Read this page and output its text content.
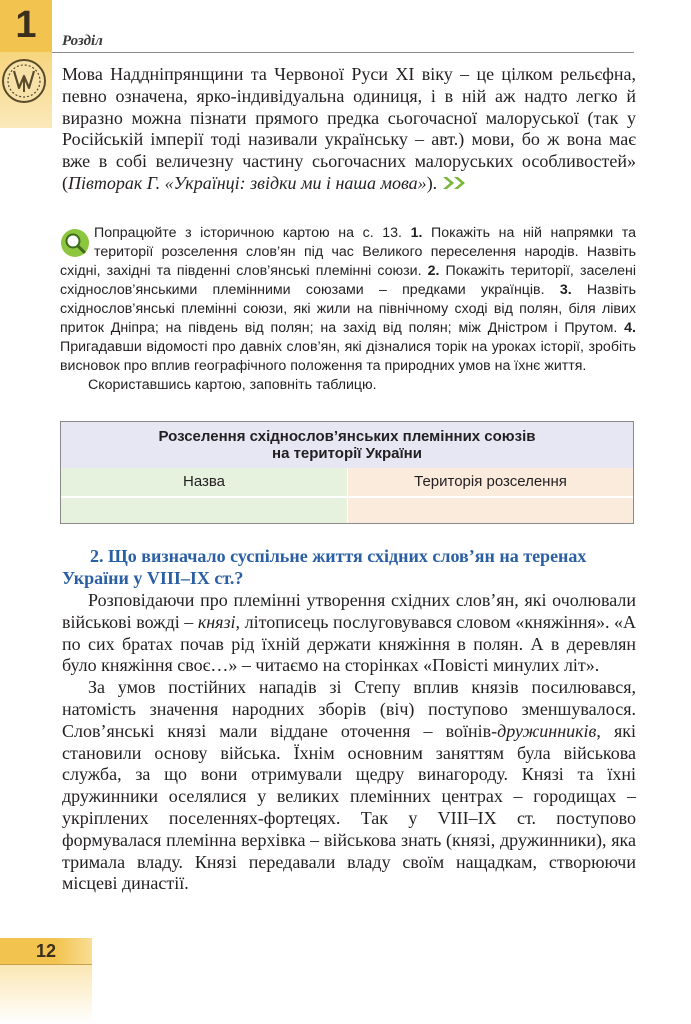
1	Розділ
Мова Наддніпрянщини та Червоної Руси XI віку – це цілком рельєфна, певно означена, ярко-індивідуальна одиниця, і в ній аж надто легко й виразно можна пізнати прямого предка сьогочасної малоруської (так у Російській імперії тоді називали українську – авт.) мови, бо ж вона має вже в собі величезну частину сьогочасних малоруських особливостей» (Півторак Г. «Українці: звідки ми і наша мова»).

Попрацюйте з історичною картою на с. 13. 1. Покажіть на ній напрямки та території розселення слов’ян під час Великого переселення народів. Назвіть східні, західні та південні слов’янські племінні союзи. 2. Покажіть території, заселені східнослов’янськими племінними союзами – предками українців. 3. Назвіть східнослов’янські племінні союзи, які жили на північному сході від полян, біля лівих приток Дніпра; на південь від полян; на захід від полян; між Дністром і Прутом. 4. Пригадавши відомості про давніх слов’ян, які дізналися торік на уроках історії, зробіть висновок про вплив географічного положення та природних умов на їхнє життя.

Скориставшись картою, заповніть таблицю.

Розселення східнослов’янських племінних союзів
на території України
Назва	Територія розселення
2. Що визначало суспільне життя східних слов’ян на теренах України у VIII–IX ст.?

Розповідаючи про племінні утворення східних слов’ян, які очолювали військові вожді – князі, літописець послуговувався словом «княжіння». «А по сих братах почав рід їхній держати княжіння в полян. А в деревлян було княжіння своє…» – читаємо на сторінках «Повісті минулих літ».

За умов постійних нападів зі Степу вплив князів посилювався, натомість значення народних зборів (віч) поступово зменшувалося. Слов’янські князі мали віддане оточення – воїнів-дружинників, які становили основу війська. Їхнім основним заняттям була військова служба, за що вони отримували щедру винагороду. Князі та їхні дружинники оселялися у великих племінних центрах – городищах – укріплених поселеннях-фортецях. Так у VIII–IX ст. поступово формувалася племінна верхівка – військова знать (князі, дружинники), яка тримала владу. Князі передавали владу своїм нащадкам, створюючи місцеві династії.

12
